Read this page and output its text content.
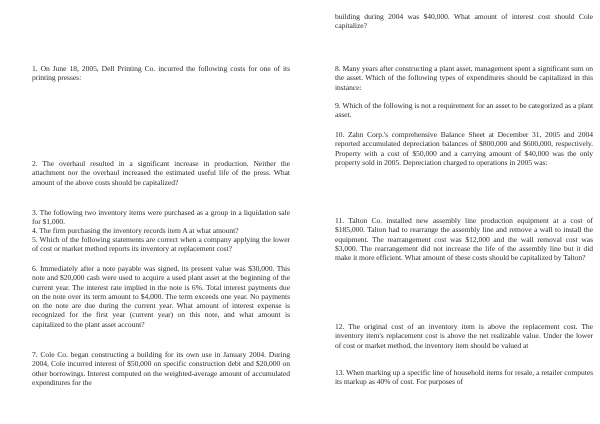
1. On June 18, 2005, Dell Printing Co. incurred the following costs for one of its printing presses:

2. The overhaul resulted in a significant increase in production. Neither the attachment nor the overhaul increased the estimated useful life of the press. What amount of the above costs should be capitalized?

3. The following two inventory items were purchased as a group in a liquidation sale for $1,000.

4. The firm purchasing the inventory records item A at what amount?

5. Which of the following statements are correct when a company applying the lower of cost or market method reports its inventory at replacement cost?

6. Immediately after a note payable was signed, its present value was $30,000. This note and $20,000 cash were used to acquire a used plant asset at the beginning of the current year. The interest rate implied in the note is 6%. Total interest payments due on the note over its term amount to $4,000. The term exceeds one year. No payments on the note are due during the current year. What amount of interest expense is recognized for the first year (current year) on this note, and what amount is capitalized to the plant asset account?

7. Cole Co. began constructing a building for its own use in January 2004. During 2004, Cole incurred interest of $50,000 on specific construction debt and $20,000 on other borrowings. Interest computed on the weighted-average amount of accumulated expenditures for the

building during 2004 was $40,000. What amount of interest cost should Cole capitalize?

8. Many years after constructing a plant asset, management spent a significant sum on the asset. Which of the following types of expenditures should be capitalized in this instance:

9. Which of the following is not a requirement for an asset to be categorized as a plant asset.

10. Zahn Corp.'s comprehensive Balance Sheet at December 31, 2005 and 2004 reported accumulated depreciation balances of $800,000 and $600,000, respectively. Property with a cost of $50,000 and a carrying amount of $40,000 was the only property sold in 2005. Depreciation charged to operations in 2005 was:

11. Talton Co. installed new assembly line production equipment at a cost of $185,000. Talton had to rearrange the assembly line and remove a wall to install the equipment. The rearrangement cost was $12,000 and the wall removal cost was $3,000. The rearrangement did not increase the life of the assembly line but it did make it more efficient. What amount of these costs should be capitalized by Talton?

12. The original cost of an inventory item is above the replacement cost. The inventory item's replacement cost is above the net realizable value. Under the lower of cost or market method, the inventory item should be valued at

13. When marking up a specific line of household items for resale, a retailer computes its markup as 40% of cost. For purposes of
